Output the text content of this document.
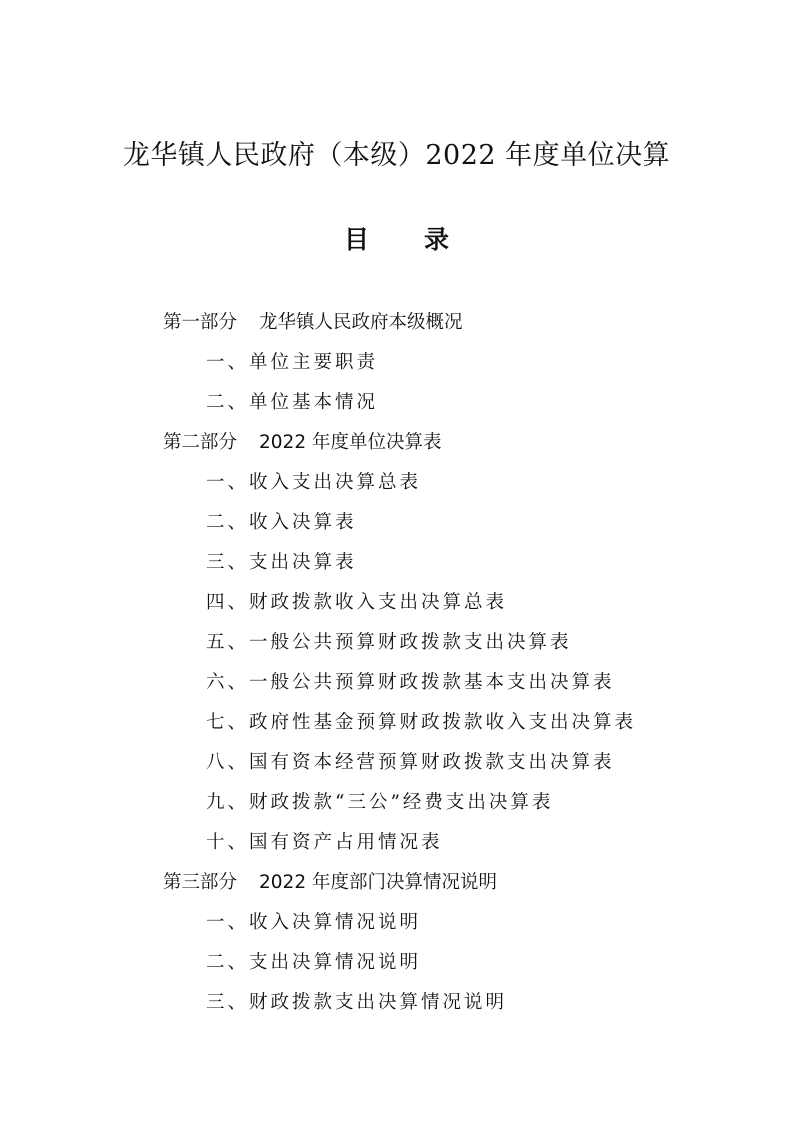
龙华镇人民政府（本级）2022 年度单位决算
目录
第一部分 龙华镇人民政府本级概况
一、单位主要职责
二、单位基本情况
第二部分 2022 年度单位决算表
一、收入支出决算总表
二、收入决算表
三、支出决算表
四、财政拨款收入支出决算总表
五、一般公共预算财政拨款支出决算表
六、一般公共预算财政拨款基本支出决算表
七、政府性基金预算财政拨款收入支出决算表
八、国有资本经营预算财政拨款支出决算表
九、财政拨款“三公”经费支出决算表
十、国有资产占用情况表
第三部分 2022 年度部门决算情况说明
一、收入决算情况说明
二、支出决算情况说明
三、财政拨款支出决算情况说明
